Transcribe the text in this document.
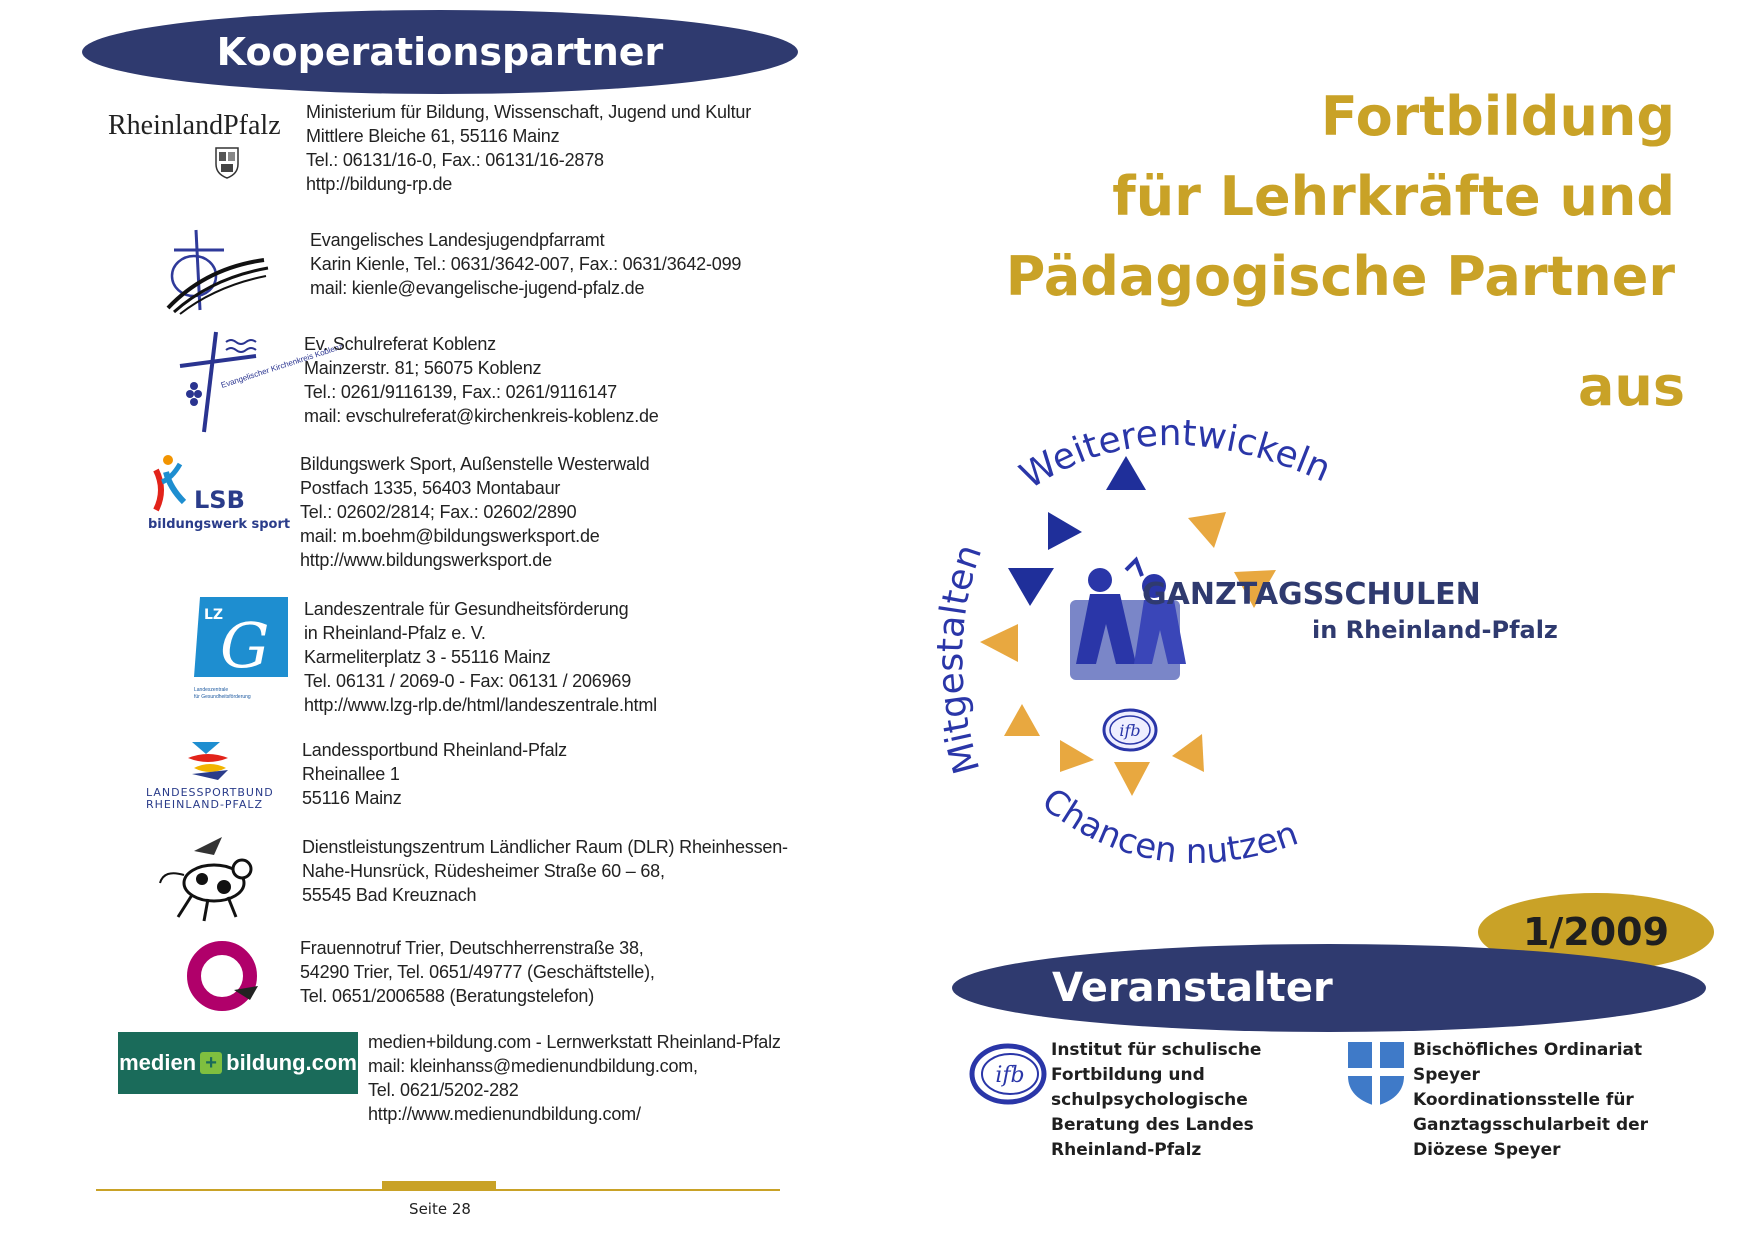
Kooperationspartner
RheinlandPfalz Ministerium für Bildung, Wissenschaft, Jugend und Kultur
Mittlere Bleiche 61, 55116 Mainz
Tel.: 06131/16-0, Fax.: 06131/16-2878
http://bildung-rp.de
Evangelisches Landesjugendpfarramt
Karin Kienle, Tel.: 0631/3642-007, Fax.: 0631/3642-099
mail: kienle@evangelische-jugend-pfalz.de
Evangelischer Kirchenkreis Koblenz
Ev. Schulreferat Koblenz
Mainzerstr. 81; 56075 Koblenz
Tel.: 0261/9116139, Fax.: 0261/9116147
mail: evschulreferat@kirchenkreis-koblenz.de
LSB
bildungswerk sport
Bildungswerk Sport, Außenstelle Westerwald
Postfach 1335, 56403 Montabaur
Tel.: 02602/2814; Fax.: 02602/2890
mail: m.boehm@bildungswerksport.de
http://www.bildungswerksport.de
LZ
G
Landeszentrale
für Gesundheitsförderung
Landeszentrale für Gesundheitsförderung
in Rheinland-Pfalz e. V.
Karmeliterplatz 3 - 55116 Mainz
Tel. 06131 / 2069-0 - Fax: 06131 / 206969
http://www.lzg-rlp.de/html/landeszentrale.html
LANDESSPORTBUND
RHEINLAND-PFALZ
Landessportbund Rheinland-Pfalz
Rheinallee 1
55116 Mainz
Dienstleistungszentrum Ländlicher Raum (DLR) Rheinhessen-
Nahe-Hunsrück, Rüdesheimer Straße 60 – 68,
55545 Bad Kreuznach
Frauennotruf Trier, Deutschherrenstraße 38,
54290 Trier, Tel. 0651/49777 (Geschäftstelle),
Tel. 0651/2006588 (Beratungstelefon)
medien + bildung.com
medien+bildung.com - Lernwerkstatt Rheinland-Pfalz
mail: kleinhanss@medienundbildung.com,
Tel. 0621/5202-282
http://www.medienundbildung.com/
Seite 28
Fortbildung
für Lehrkräfte und
Pädagogische Partner
aus
Weiterentwickeln
Mitgestalten
Chancen nutzen
ifb
GANZTAGSSCHULEN
in Rheinland-Pfalz
1/2009
Veranstalter
ifb
Institut für schulische
Fortbildung und
schulpsychologische
Beratung des Landes
Rheinland-Pfalz
Bischöfliches Ordinariat
Speyer
Koordinationsstelle für
Ganztagsschularbeit der
Diözese Speyer
